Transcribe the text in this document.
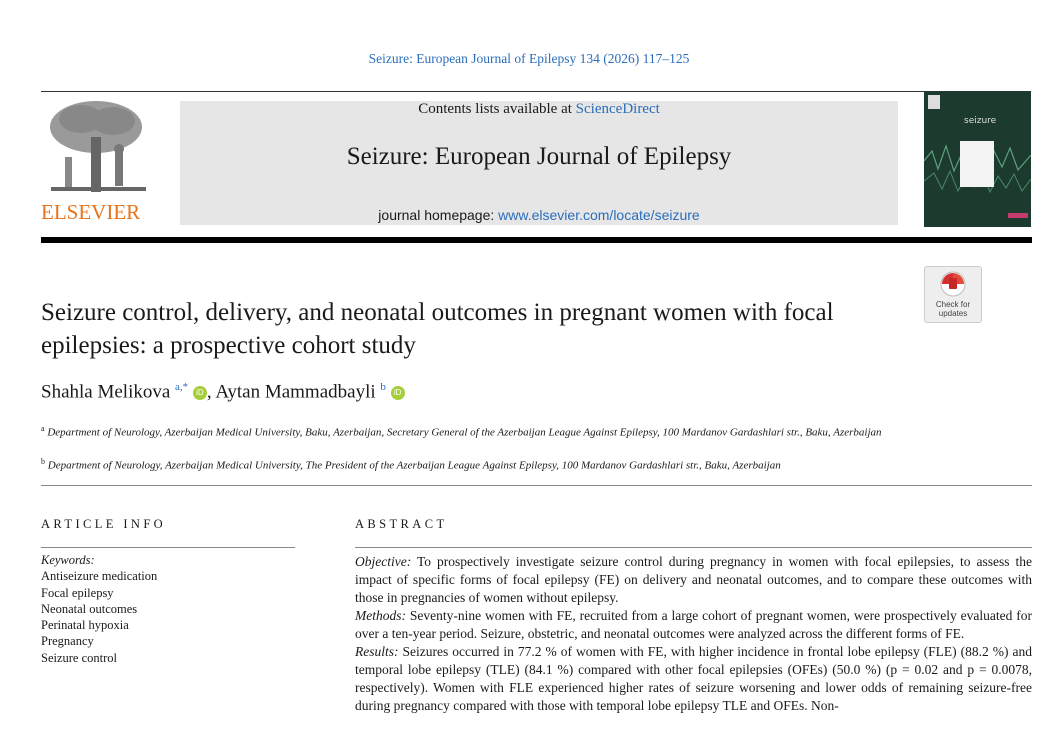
Seizure: European Journal of Epilepsy 134 (2026) 117–125
ELSEVIER
Contents lists available at ScienceDirect
Seizure: European Journal of Epilepsy
journal homepage: www.elsevier.com/locate/seizure
seizure
Check for
updates
Seizure control, delivery, and neonatal outcomes in pregnant women with focal epilepsies: a prospective cohort study
Shahla Melikova $^{a,*}$ iD , Aytan Mammadbayli $^b$ iD
$^a$ Department of Neurology, Azerbaijan Medical University, Baku, Azerbaijan, Secretary General of the Azerbaijan League Against Epilepsy, 100 Mardanov Gardashlari str., Baku, Azerbaijan
$^b$ Department of Neurology, Azerbaijan Medical University, The President of the Azerbaijan League Against Epilepsy, 100 Mardanov Gardashlari str., Baku, Azerbaijan
ARTICLE INFO	ABSTRACT
Keywords:
Antiseizure medication
Focal epilepsy
Neonatal outcomes
Perinatal hypoxia
Pregnancy
Seizure control

Objective: To prospectively investigate seizure control during pregnancy in women with focal epilepsies, to assess the impact of specific forms of focal epilepsy (FE) on delivery and neonatal outcomes, and to compare these outcomes with those in pregnancies of women without epilepsy.

Methods: Seventy-nine women with FE, recruited from a large cohort of pregnant women, were prospectively evaluated for over a ten-year period. Seizure, obstetric, and neonatal outcomes were analyzed across the different forms of FE.

Results: Seizures occurred in 77.2 % of women with FE, with higher incidence in frontal lobe epilepsy (FLE) (88.2 %) and temporal lobe epilepsy (TLE) (84.1 %) compared with other focal epilepsies (OFEs) (50.0 %) (p = 0.02 and p = 0.0078, respectively). Women with FLE experienced higher rates of seizure worsening and lower odds of remaining seizure-free during pregnancy compared with those with temporal lobe epilepsy TLE and OFEs. Non-
